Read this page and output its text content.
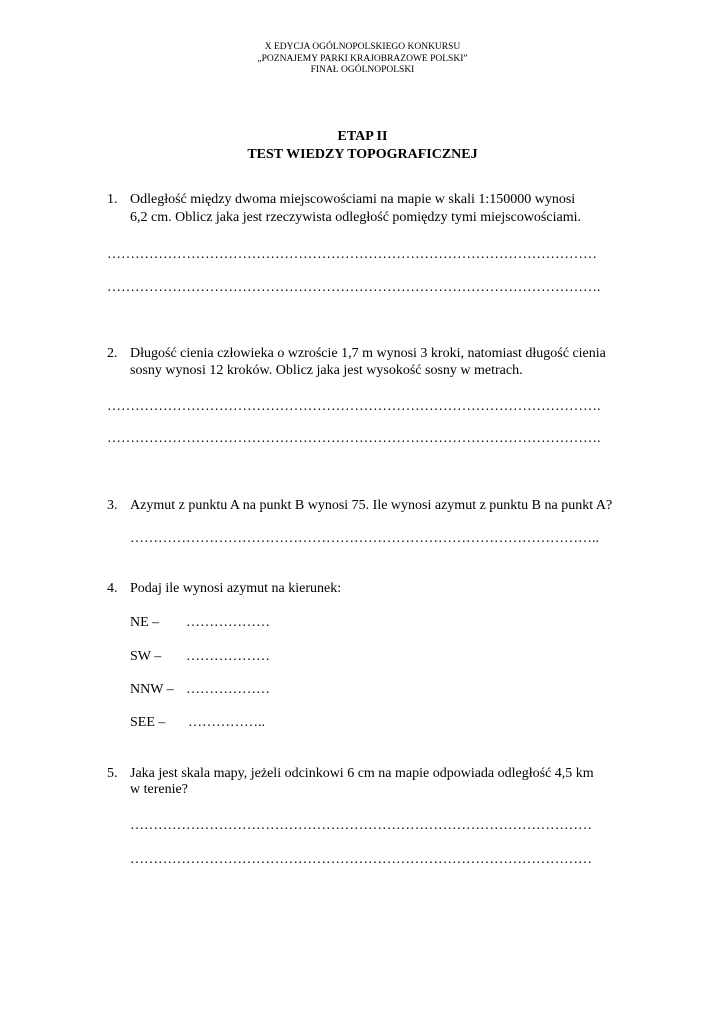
X EDYCJA OGÓLNOPOLSKIEGO KONKURSU
„POZNAJEMY PARKI KRAJOBRAZOWE POLSKI”
FINAŁ OGÓLNOPOLSKI
ETAP II
TEST WIEDZY TOPOGRAFICZNEJ
1. Odległość między dwoma miejscowościami na mapie w skali 1:150000 wynosi
6,2 cm. Oblicz jaka jest rzeczywista odległość pomiędzy tymi miejscowościami.
……………………………………………………………………………………………
…………………………………………………………………………………………….
2. Długość cienia człowieka o wzroście 1,7 m wynosi 3 kroki, natomiast długość cienia
sosny wynosi 12 kroków. Oblicz jaka jest wysokość sosny w metrach.
…………………………………………………………………………………………….
…………………………………………………………………………………………….
3. Azymut z punktu A na punkt B wynosi 75. Ile wynosi azymut z punktu B na punkt A?
………………………………………………………………………………………..
4. Podaj ile wynosi azymut na kierunek:
NE – ………………
SW – ………………
NNW – ………………
SEE – ……………..
5. Jaka jest skala mapy, jeżeli odcinkowi 6 cm na mapie odpowiada odległość 4,5 km
w terenie?
………………………………………………………………………………………
………………………………………………………………………………………
